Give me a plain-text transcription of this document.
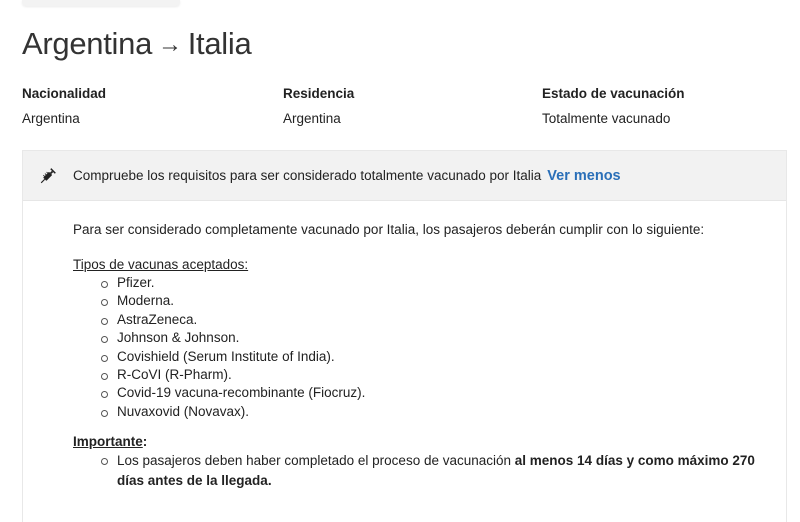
Argentina → Italia
Nacionalidad
Argentina
Residencia
Argentina
Estado de vacunación
Totalmente vacunado
Compruebe los requisitos para ser considerado totalmente vacunado por Italia Ver menos

Para ser considerado completamente vacunado por Italia, los pasajeros deberán cumplir con lo siguiente:

Tipos de vacunas aceptados:
Pfizer.
Moderna.
AstraZeneca.
Johnson & Johnson.
Covishield (Serum Institute of India).
R-CoVI (R-Pharm).
Covid-19 vacuna-recombinante (Fiocruz).
Nuvaxovid (Novavax).
Importante:
Los pasajeros deben haber completado el proceso de vacunación al menos 14 días y como máximo 270 días antes de la llegada.
